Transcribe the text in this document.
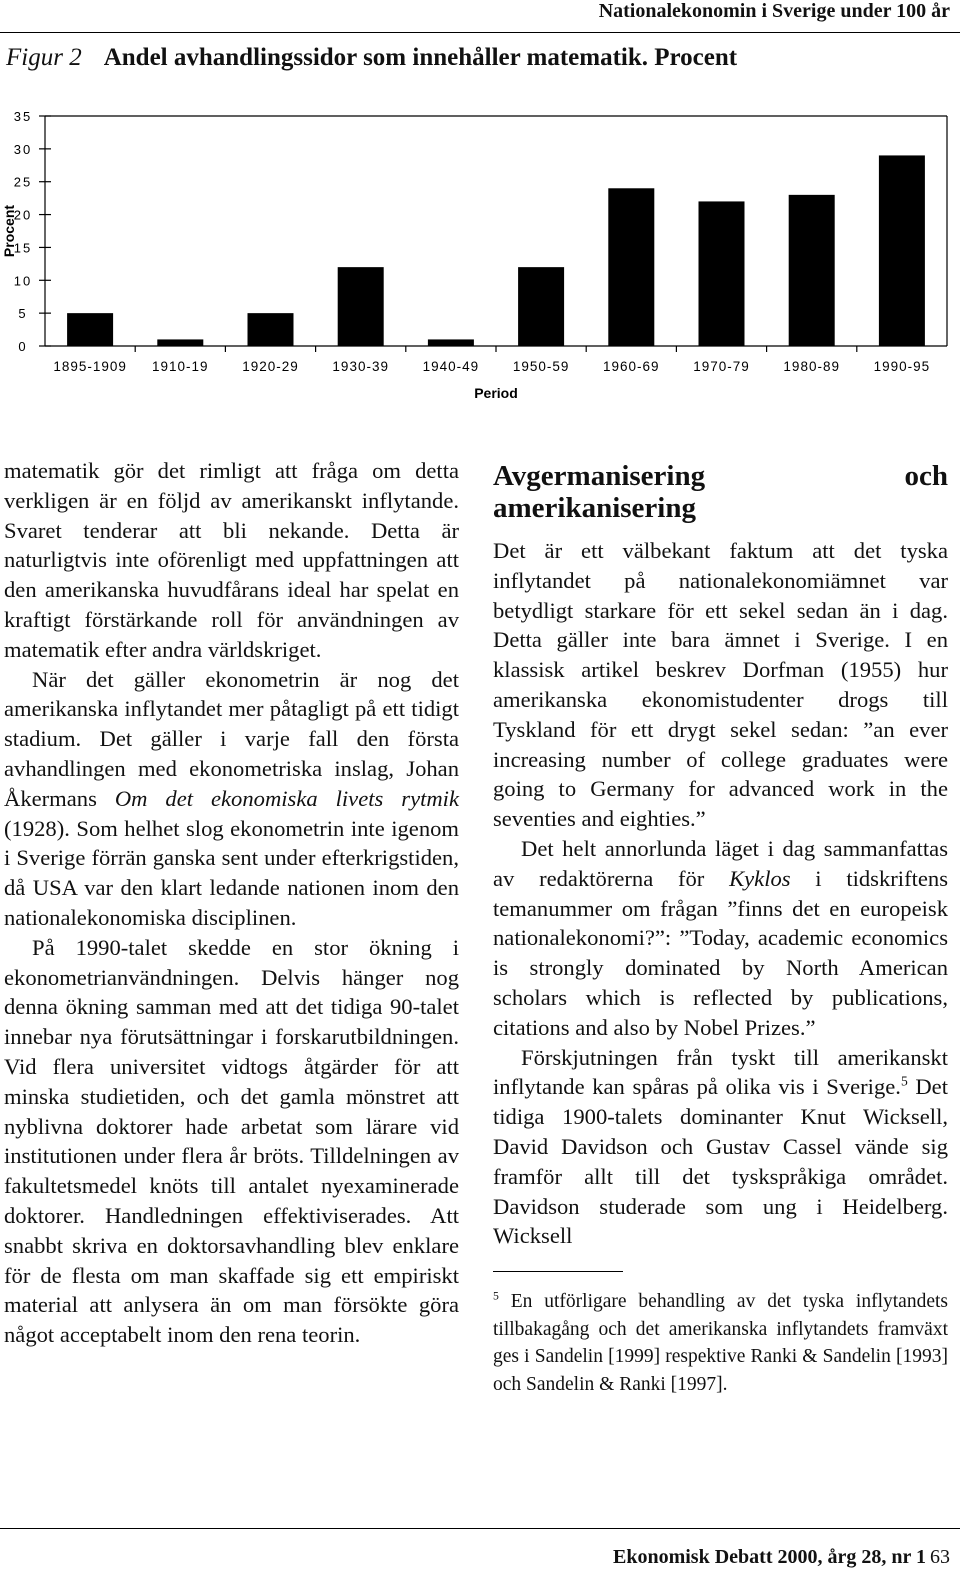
Nationalekonomin i Sverige under 100 år
Figur 2 Andel avhandlingssidor som innehåller matematik. Procent
0
5
10
15
20
25
30
35
1895-1909 1910-19 1920-29 1930-39 1940-49 1950-59 1960-69 1970-79 1980-89 1990-95
Period
Procent

matematik gör det rimligt att fråga om detta verkligen är en följd av amerikanskt inflytande. Svaret tenderar att bli nekande. Detta är naturligtvis inte oförenligt med uppfattningen att den amerikanska huvudfårans ideal har spelat en kraftigt förstärkande roll för användningen av matematik efter andra världskriget.

När det gäller ekonometrin är nog det amerikanska inflytandet mer påtagligt på ett tidigt stadium. Det gäller i varje fall den första avhandlingen med ekonometriska inslag, Johan Åkermans Om det ekonomiska livets rytmik (1928). Som helhet slog ekonometrin inte igenom i Sverige förrän ganska sent under efterkrigstiden, då USA var den klart ledande nationen inom den nationalekonomiska disciplinen.

På 1990-talet skedde en stor ökning i ekonometrianvändningen. Delvis hänger nog denna ökning samman med att det tidiga 90-talet innebar nya förutsättningar i forskarutbildningen. Vid flera universitet vidtogs åtgärder för att minska studietiden, och det gamla mönstret att nyblivna doktorer hade arbetat som lärare vid institutionen under flera år bröts. Tilldelningen av fakultetsmedel knöts till antalet nyexaminerade doktorer. Handledningen effektiviserades. Att snabbt skriva en doktorsavhandling blev enklare för de flesta om man skaffade sig ett empiriskt material att anlysera än om man försökte göra något acceptabelt inom den rena teorin.

Avgermanisering och amerikanisering

Det är ett välbekant faktum att det tyska inflytandet på nationalekonomiämnet var betydligt starkare för ett sekel sedan än i dag. Detta gäller inte bara ämnet i Sverige. I en klassisk artikel beskrev Dorfman (1955) hur amerikanska ekonomistudenter drogs till Tyskland för ett drygt sekel sedan: ”an ever increasing number of college graduates were going to Germany for advanced work in the seventies and eighties.”

Det helt annorlunda läget i dag sammanfattas av redaktörerna för Kyklos i tidskriftens temanummer om frågan ”finns det en europeisk nationalekonomi?”: ”Today, academic economics is strongly dominated by North American scholars which is reflected by publications, citations and also by Nobel Prizes.”

Förskjutningen från tyskt till amerikanskt inflytande kan spåras på olika vis i Sverige.$^5$ Det tidiga 1900-talets dominanter Knut Wicksell, David Davidson och Gustav Cassel vände sig framför allt till det tyskspråkiga området. Davidson studerade som ung i Heidelberg. Wicksell

$^5$ En utförligare behandling av det tyska inflytandets tillbakagång och det amerikanska inflytandets framväxt ges i Sandelin [1999] respektive Ranki & Sandelin [1993] och Sandelin & Ranki [1997].

Ekonomisk Debatt 2000, årg 28, nr 1 63
